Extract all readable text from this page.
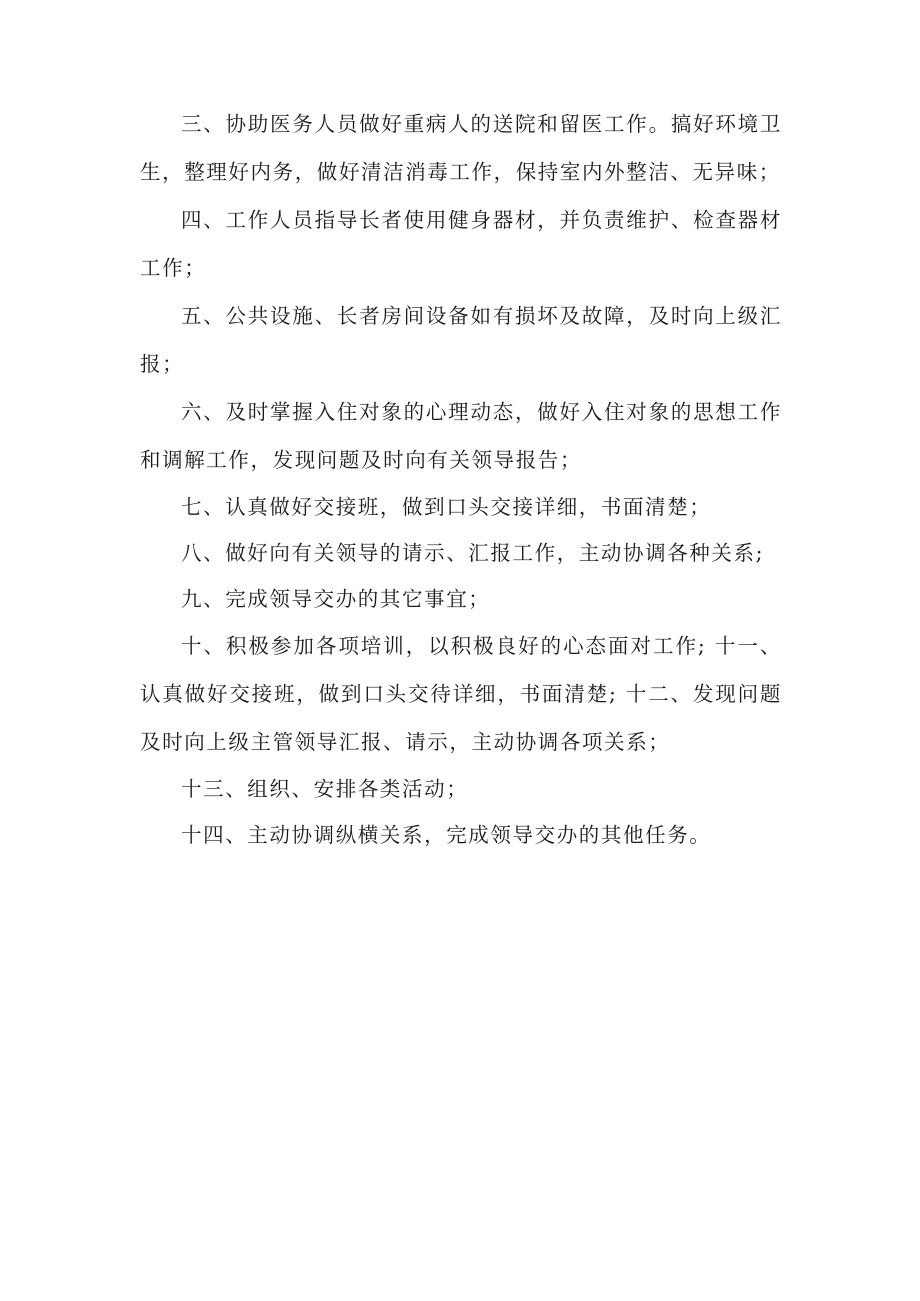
三、协助医务人员做好重病人的送院和留医工作。搞好环境卫生，整理好内务，做好清洁消毒工作，保持室内外整洁、无异味；

四、工作人员指导长者使用健身器材，并负责维护、检查器材工作；

五、公共设施、长者房间设备如有损坏及故障，及时向上级汇报；

六、及时掌握入住对象的心理动态，做好入住对象的思想工作和调解工作，发现问题及时向有关领导报告；

七、认真做好交接班，做到口头交接详细，书面清楚；

八、做好向有关领导的请示、汇报工作，主动协调各种关系;

九、完成领导交办的其它事宜；

十、积极参加各项培训，以积极良好的心态面对工作; 十一、认真做好交接班，做到口头交待详细，书面清楚; 十二、发现问题及时向上级主管领导汇报、请示，主动协调各项关系；

十三、组织、安排各类活动；

十四、主动协调纵横关系，完成领导交办的其他任务。
